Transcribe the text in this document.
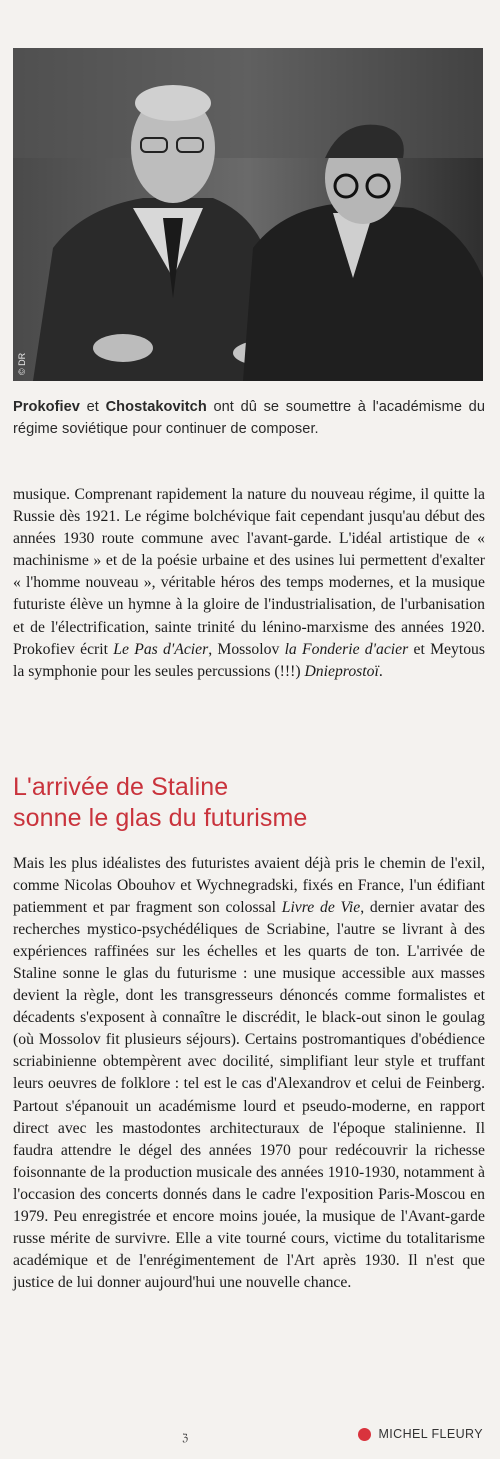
© DR
Prokofiev et Chostakovitch ont dû se soumettre à l'académisme du régime soviétique pour continuer de composer.

musique. Comprenant rapidement la nature du nouveau régime, il quitte la Russie dès 1921. Le régime bolchévique fait cependant jusqu'au début des années 1930 route commune avec l'avant-garde. L'idéal artistique de « machinisme » et de la poésie urbaine et des usines lui permettent d'exalter « l'homme nouveau », véritable héros des temps modernes, et la musique futuriste élève un hymne à la gloire de l'industrialisation, de l'urbanisation et de l'électrification, sainte trinité du lénino-marxisme des années 1920. Prokofiev écrit Le Pas d'Acier, Mossolov la Fonderie d'acier et Meytous la symphonie pour les seules percussions (!!!) Dnieprostoï.

L'arrivée de Staline
sonne le glas du futurisme

Mais les plus idéalistes des futuristes avaient déjà pris le chemin de l'exil, comme Nicolas Obouhov et Wychnegradski, fixés en France, l'un édifiant patiemment et par fragment son colossal Livre de Vie, dernier avatar des recherches mystico-psychédéliques de Scriabine, l'autre se livrant à des expériences raffinées sur les échelles et les quarts de ton. L'arrivée de Staline sonne le glas du futurisme : une musique accessible aux masses devient la règle, dont les transgresseurs dénoncés comme formalistes et décadents s'exposent à connaître le discrédit, le black-out sinon le goulag (où Mossolov fit plusieurs séjours). Certains postromantiques d'obédience scriabinienne obtempèrent avec docilité, simplifiant leur style et truffant leurs oeuvres de folklore : tel est le cas d'Alexandrov et celui de Feinberg. Partout s'épanouit un académisme lourd et pseudo-moderne, en rapport direct avec les mastodontes architecturaux de l'époque stalinienne. Il faudra attendre le dégel des années 1970 pour redécouvrir la richesse foisonnante de la production musicale des années 1910-1930, notamment à l'occasion des concerts donnés dans le cadre l'exposition Paris-Moscou en 1979. Peu enregistrée et encore moins jouée, la musique de l'Avant-garde russe mérite de survivre. Elle a vite tourné cours, victime du totalitarisme académique et de l'enrégimentement de l'Art après 1930. Il n'est que justice de lui donner aujourd'hui une nouvelle chance.

ℨ	MICHEL FLEURY
